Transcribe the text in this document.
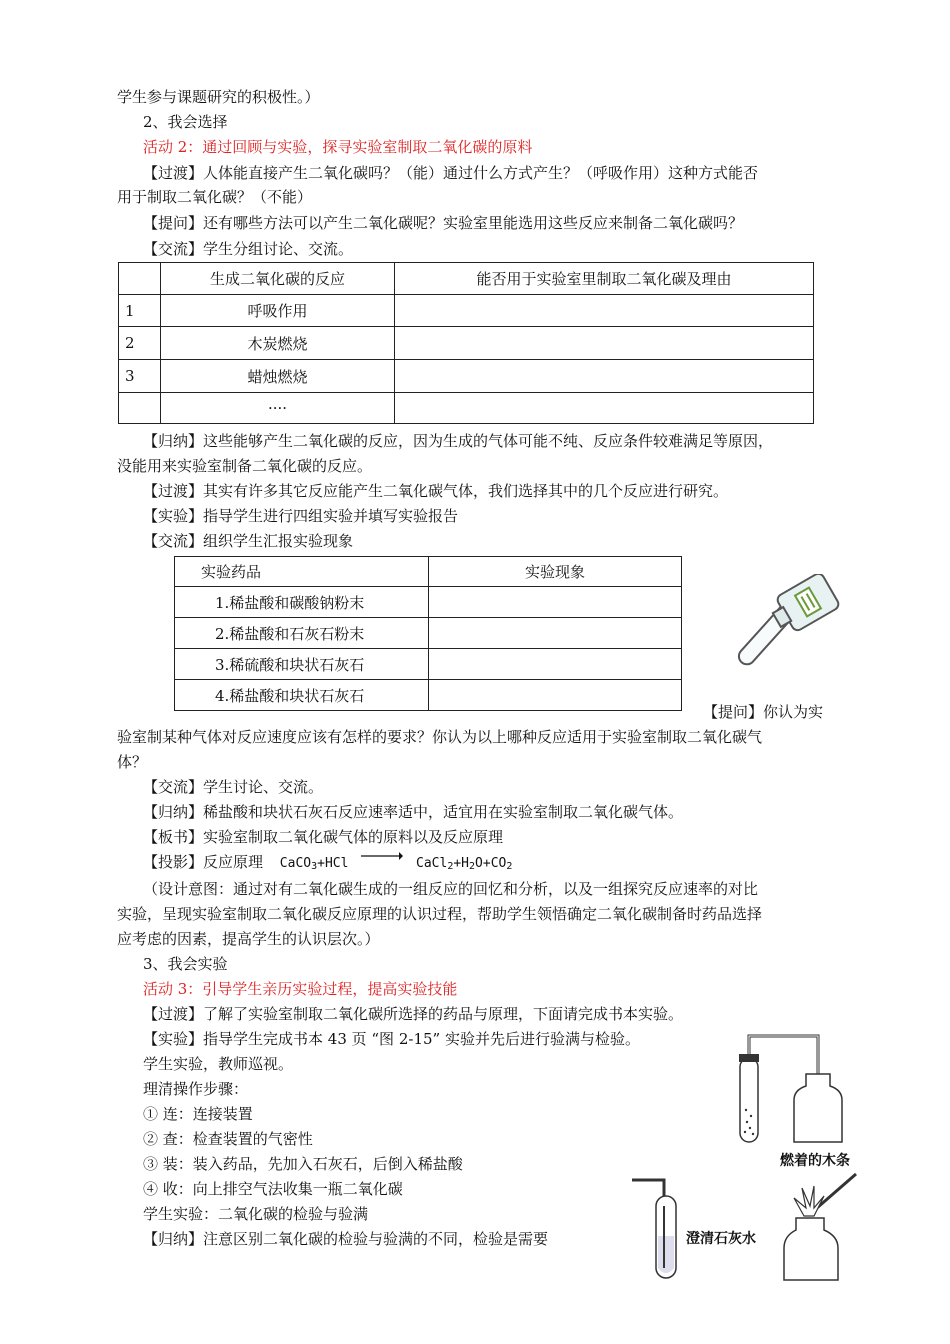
学生参与课题研究的积极性。）
2、我会选择
活动 2：通过回顾与实验，探寻实验室制取二氧化碳的原料
【过渡】人体能直接产生二氧化碳吗？（能）通过什么方式产生？（呼吸作用）这种方式能否
用于制取二氧化碳？（不能）
【提问】还有哪些方法可以产生二氧化碳呢？实验室里能选用这些反应来制备二氧化碳吗？
【交流】学生分组讨论、交流。
	生成二氧化碳的反应	能否用于实验室里制取二氧化碳及理由
1	呼吸作用	
2	木炭燃烧	
3	蜡烛燃烧	
	····	
【归纳】这些能够产生二氧化碳的反应，因为生成的气体可能不纯、反应条件较难满足等原因，
没能用来实验室制备二氧化碳的反应。
【过渡】其实有许多其它反应能产生二氧化碳气体，我们选择其中的几个反应进行研究。
【实验】指导学生进行四组实验并填写实验报告
【交流】组织学生汇报实验现象
实验药品	实验现象
1.稀盐酸和碳酸钠粉末	
2.稀盐酸和石灰石粉末	
3.稀硫酸和块状石灰石	
4.稀盐酸和块状石灰石	
【提问】你认为实
验室制某种气体对反应速度应该有怎样的要求？你认为以上哪种反应适用于实验室制取二氧化碳气
体？
【交流】学生讨论、交流。
【归纳】稀盐酸和块状石灰石反应速率适中，适宜用在实验室制取二氧化碳气体。
【板书】实验室制取二氧化碳气体的原料以及反应原理
【投影】反应原理 CaCO$_3$+HCl → $CaCl_2+H_2O+CO_2$
（设计意图：通过对有二氧化碳生成的一组反应的回忆和分析，以及一组探究反应速率的对比
实验，呈现实验室制取二氧化碳反应原理的认识过程，帮助学生领悟确定二氧化碳制备时药品选择
应考虑的因素，提高学生的认识层次。）
3、我会实验
活动 3：引导学生亲历实验过程，提高实验技能
【过渡】了解了实验室制取二氧化碳所选择的药品与原理，下面请完成书本实验。
【实验】指导学生完成书本 43 页 “图 2-15” 实验并先后进行验满与检验。
学生实验，教师巡视。
理清操作步骤：
① 连：连接装置
② 查：检查装置的气密性
③ 装：装入药品，先加入石灰石，后倒入稀盐酸
④ 收：向上排空气法收集一瓶二氧化碳
学生实验：二氧化碳的检验与验满
【归纳】注意区别二氧化碳的检验与验满的不同，检验是需要
燃着的木条
澄清石灰水
